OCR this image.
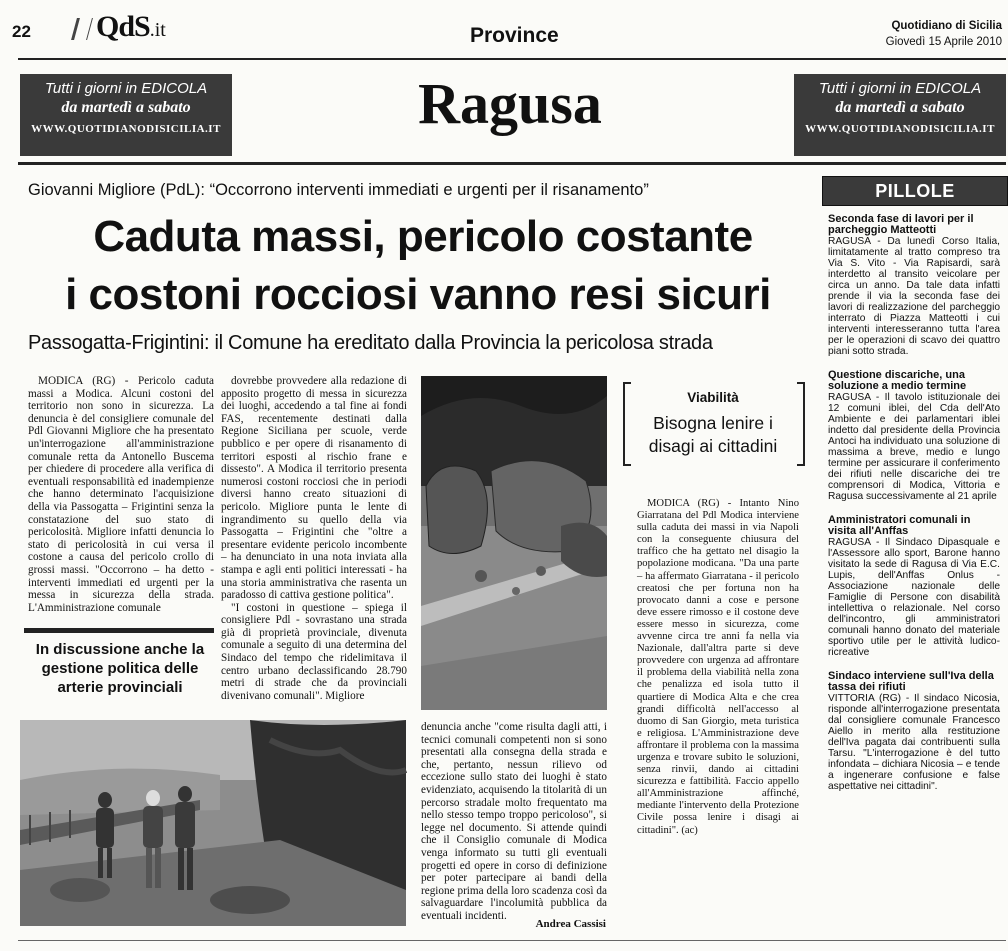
22	QdS.it	Province	Quotidiano di Sicilia
Giovedì 15 Aprile 2010
Tutti i giorni in EDICOLA
da martedì a sabato
WWW.QUOTIDIANODISICILIA.IT	Ragusa	Tutti i giorni in EDICOLA
da martedì a sabato
WWW.QUOTIDIANODISICILIA.IT
Giovanni Migliore (PdL): “Occorrono interventi immediati e urgenti per il risanamento”
Caduta massi, pericolo costante
i costoni rocciosi vanno resi sicuri
Passogatta-Frigintini: il Comune ha ereditato dalla Provincia la pericolosa strada

MODICA (RG) - Pericolo caduta massi a Modica. Alcuni costoni del territorio non sono in sicurezza. La denuncia è del consigliere comunale del Pdl Giovanni Migliore che ha presentato un'interrogazione all'amministrazione comunale retta da Antonello Buscema per chiedere di procedere alla verifica di eventuali responsabilità ed inadempienze che hanno determinato l'acquisizione della via Passogatta – Frigintini senza la constatazione del suo stato di pericolosità. Migliore infatti denuncia lo stato di pericolosità in cui versa il costone a causa del pericolo crollo di grossi massi. "Occorrono – ha detto - interventi immediati ed urgenti per la messa in sicurezza della strada. L'Amministrazione comunale

In discussione anche la gestione politica delle arterie provinciali

dovrebbe provvedere alla redazione di apposito progetto di messa in sicurezza dei luoghi, accedendo a tal fine ai fondi FAS, recentemente destinati dalla Regione Siciliana per scuole, verde pubblico e per opere di risanamento di territori esposti al rischio frane e dissesto". A Modica il territorio presenta numerosi costoni rocciosi che in periodi diversi hanno creato situazioni di pericolo. Migliore punta le lente di ingrandimento su quello della via Passogatta – Frigintini che "oltre a presentare evidente pericolo incombente – ha denunciato in una nota inviata alla stampa e agli enti politici interessati - ha una storia amministrativa che rasenta un paradosso di cattiva gestione politica".

"I costoni in questione – spiega il consigliere Pdl - sovrastano una strada già di proprietà provinciale, divenuta comunale a seguito di una determina del Sindaco del tempo che ridelimitava il centro urbano declassificando 28.790 metri di strade che da provinciali divenivano comunali". Migliore

denuncia anche "come risulta dagli atti, i tecnici comunali competenti non si sono presentati alla consegna della strada e che, pertanto, nessun rilievo od eccezione sullo stato dei luoghi è stato evidenziato, acquisendo la titolarità di un percorso stradale molto frequentato ma nello stesso tempo troppo pericoloso", si legge nel documento. Si attende quindi che il Consiglio comunale di Modica venga informato su tutti gli eventuali progetti ed opere in corso di definizione per poter partecipare ai bandi della regione prima della loro scadenza così da salvaguardare l'incolumità pubblica da eventuali incidenti.

Andrea Cassisi
Viabilità
Bisogna lenire i disagi ai cittadini

MODICA (RG) - Intanto Nino Giarratana del Pdl Modica interviene sulla caduta dei massi in via Napoli con la conseguente chiusura del traffico che ha gettato nel disagio la popolazione modicana. "Da una parte – ha affermato Giarratana - il pericolo creatosi che per fortuna non ha provocato danni a cose e persone deve essere rimosso e il costone deve essere messo in sicurezza, come avvenne circa tre anni fa nella via Nazionale, dall'altra parte si deve provvedere con urgenza ad affrontare il problema della viabilità nella zona che penalizza ed isola tutto il quartiere di Modica Alta e che crea grandi difficoltà nell'accesso al duomo di San Giorgio, meta turistica e religiosa. L'Amministrazione deve affrontare il problema con la massima urgenza e trovare subito le soluzioni, senza rinvii, dando ai cittadini sicurezza e fattibilità. Faccio appello all'Amministrazione affinché, mediante l'intervento della Protezione Civile possa lenire i disagi ai cittadini". (ac)

PILLOLE
Seconda fase di lavori per il parcheggio Matteotti
RAGUSA - Da lunedì Corso Italia, limitatamente al tratto compreso tra Via S. Vito - Via Rapisardi, sarà interdetto al transito veicolare per circa un anno. Da tale data infatti prende il via la seconda fase dei lavori di realizzazione del parcheggio interrato di Piazza Matteotti i cui interventi interesseranno tutta l'area per le operazioni di scavo dei quattro piani sotto strada.
Questione discariche, una soluzione a medio termine
RAGUSA - Il tavolo istituzionale dei 12 comuni iblei, del Cda dell'Ato Ambiente e dei parlamentari iblei indetto dal presidente della Provincia Antoci ha individuato una soluzione di massima a breve, medio e lungo termine per assicurare il conferimento dei rifiuti nelle discariche dei tre comprensori di Modica, Vittoria e Ragusa successivamente al 21 aprile
Amministratori comunali in visita all'Anffas
RAGUSA - Il Sindaco Dipasquale e l'Assessore allo sport, Barone hanno visitato la sede di Ragusa di Via E.C. Lupis, dell'Anffas Onlus - Associazione nazionale delle Famiglie di Persone con disabilità intellettiva o relazionale. Nel corso dell'incontro, gli amministratori comunali hanno donato del materiale sportivo utile per le attività ludico-ricreative
Sindaco interviene sull'Iva della tassa dei rifiuti
VITTORIA (RG) - Il sindaco Nicosia, risponde all'interrogazione presentata dal consigliere comunale Francesco Aiello in merito alla restituzione dell'Iva pagata dai contribuenti sulla Tarsu. "L'interrogazione è del tutto infondata – dichiara Nicosia – e tende a ingenerare confusione e false aspettative nei cittadini".
